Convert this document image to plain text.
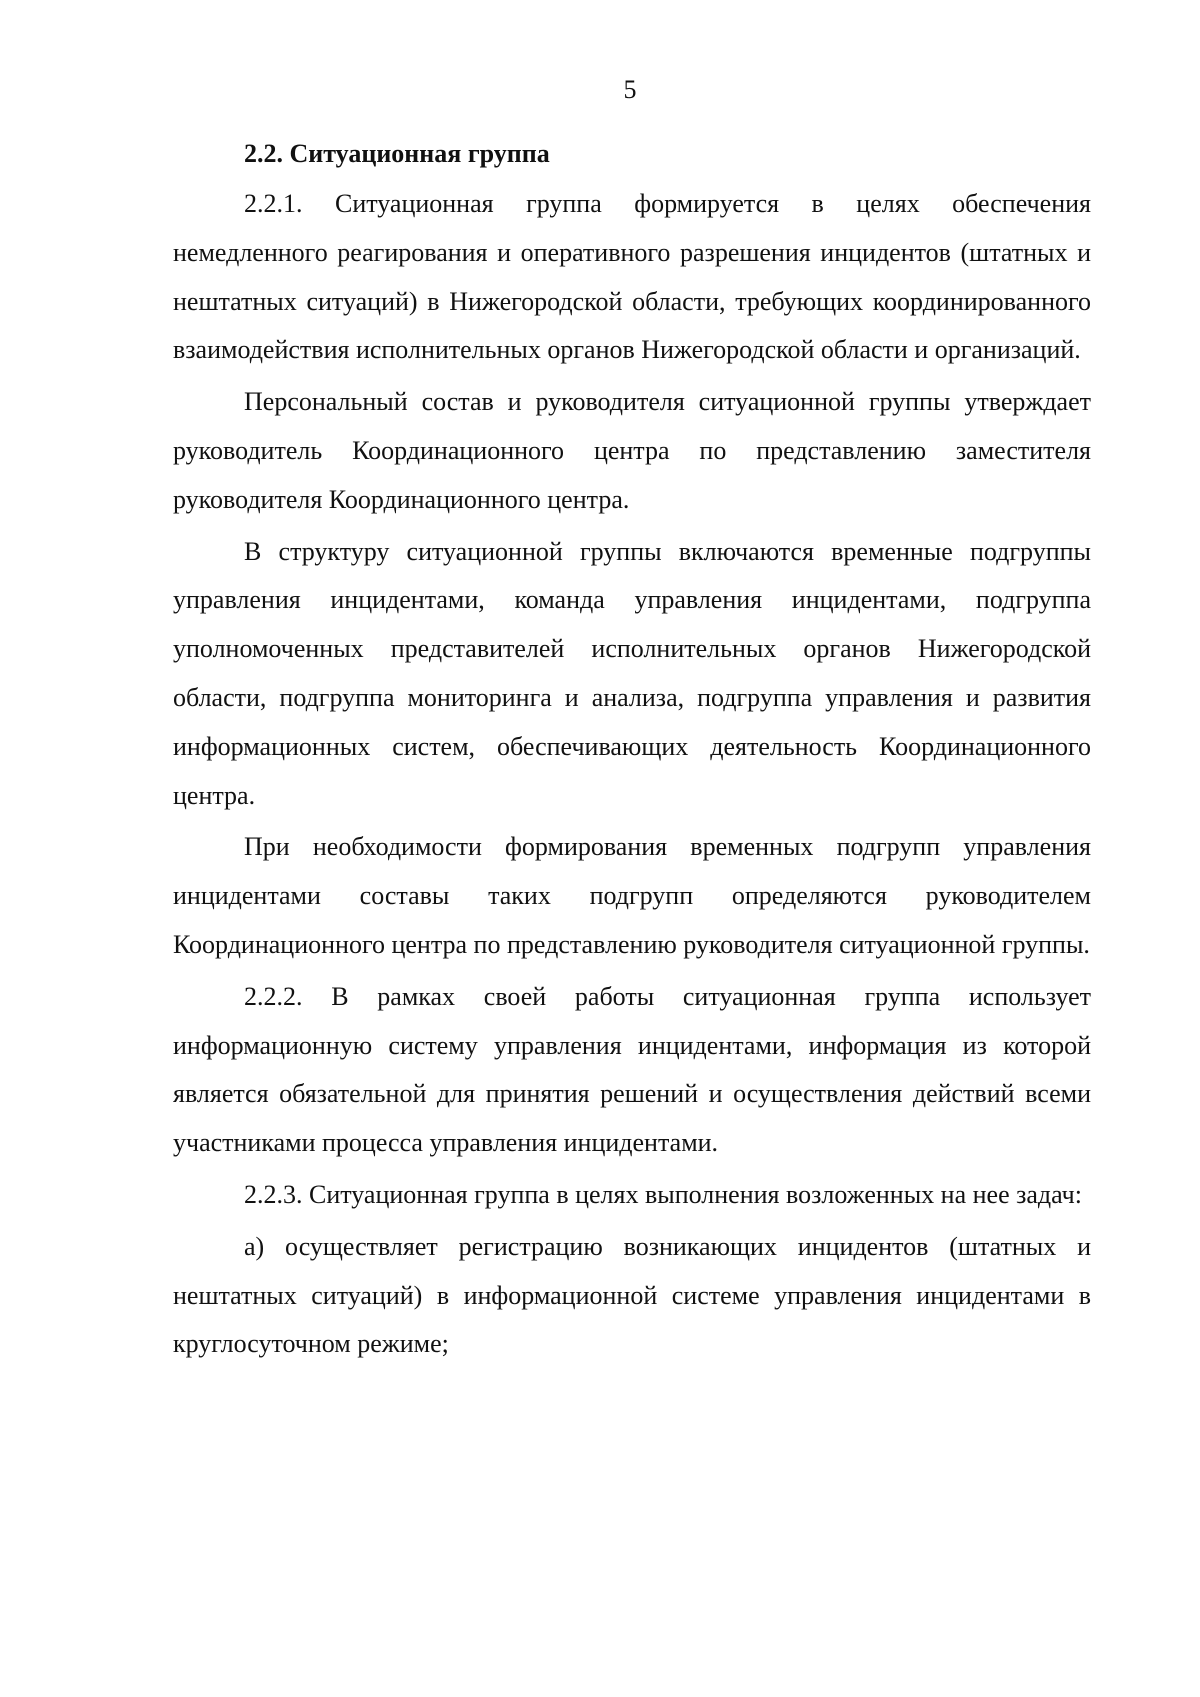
5
2.2. Ситуационная группа

2.2.1. Ситуационная группа формируется в целях обеспечения немедленного реагирования и оперативного разрешения инцидентов (штатных и нештатных ситуаций) в Нижегородской области, требующих координированного взаимодействия исполнительных органов Нижегородской области и организаций.

Персональный состав и руководителя ситуационной группы утверждает руководитель Координационного центра по представлению заместителя руководителя Координационного центра.

В структуру ситуационной группы включаются временные подгруппы управления инцидентами, команда управления инцидентами, подгруппа уполномоченных представителей исполнительных органов Нижегородской области, подгруппа мониторинга и анализа, подгруппа управления и развития информационных систем, обеспечивающих деятельность Координационного центра.

При необходимости формирования временных подгрупп управления инцидентами составы таких подгрупп определяются руководителем Координационного центра по представлению руководителя ситуационной группы.

2.2.2. В рамках своей работы ситуационная группа использует информационную систему управления инцидентами, информация из которой является обязательной для принятия решений и осуществления действий всеми участниками процесса управления инцидентами.

2.2.3. Ситуационная группа в целях выполнения возложенных на нее задач:

а) осуществляет регистрацию возникающих инцидентов (штатных и нештатных ситуаций) в информационной системе управления инцидентами в круглосуточном режиме;
